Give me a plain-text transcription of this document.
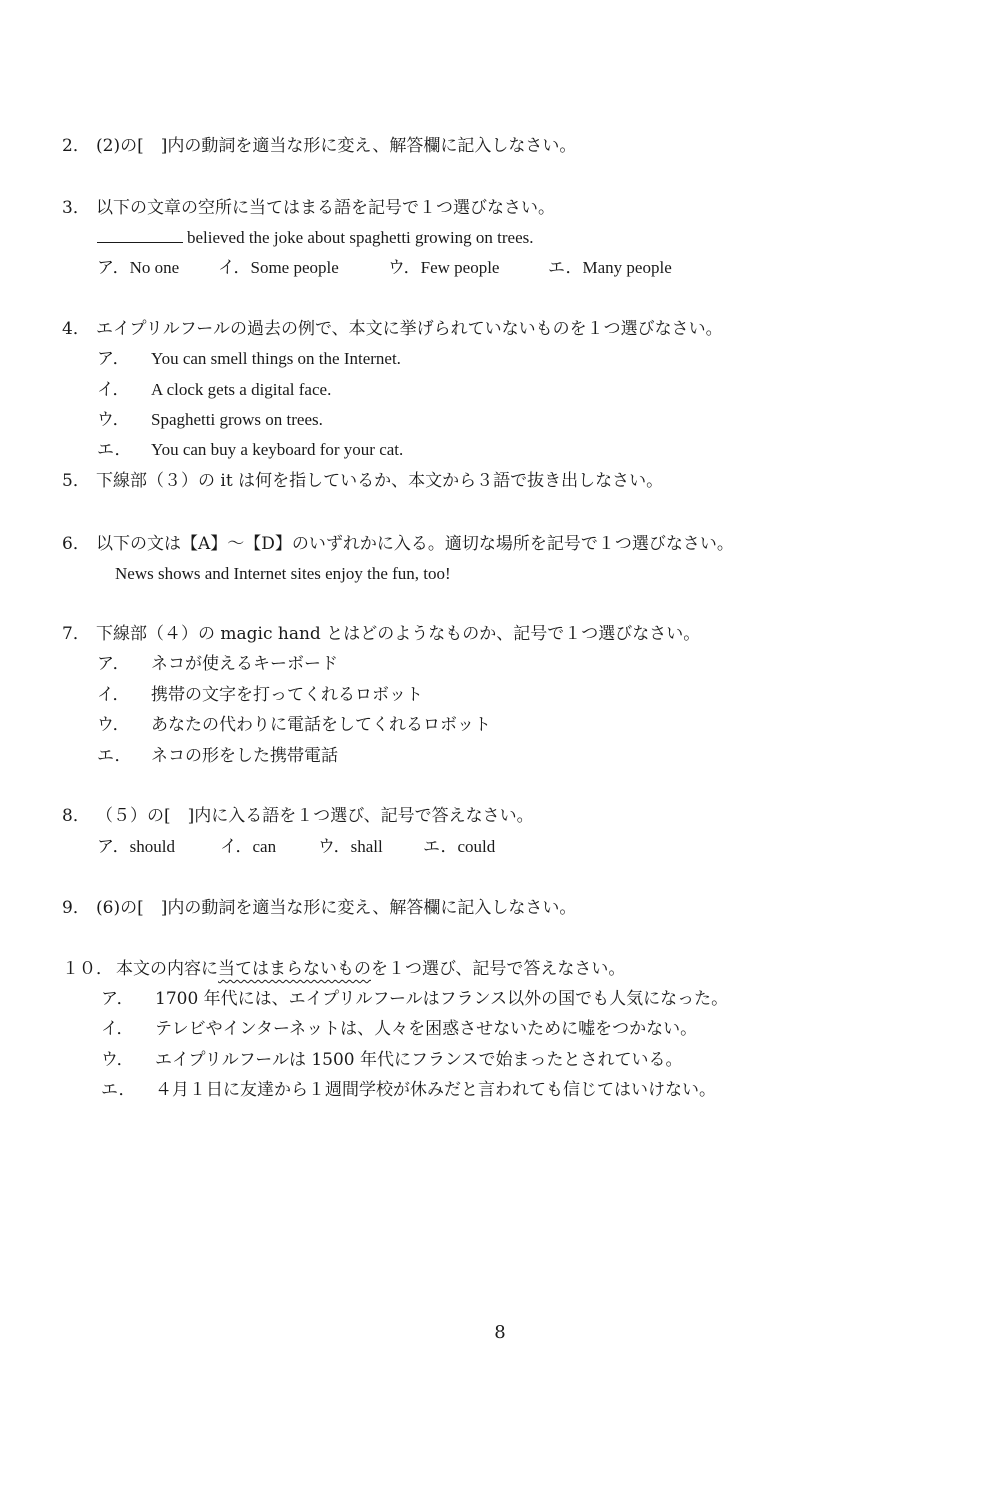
2． (2)の[　]内の動詞を適当な形に変え、解答欄に記入しなさい。
3． 以下の文章の空所に当てはまる語を記号で１つ選びなさい。
believed the joke about spaghetti growing on trees.
ア．No one イ．Some people	ウ．Few people	エ．Many people
4． エイプリルフールの過去の例で、本文に挙げられていないものを１つ選びなさい。
ア． You can smell things on the Internet.
イ． A clock gets a digital face.
ウ． Spaghetti grows on trees.
エ． You can buy a keyboard for your cat.
5． 下線部（３）の it は何を指しているか、本文から３語で抜き出しなさい。
6． 以下の文は【A】～【D】のいずれかに入る。適切な場所を記号で１つ選びなさい。
News shows and Internet sites enjoy the fun, too!
7． 下線部（４）の magic hand とはどのようなものか、記号で１つ選びなさい。
ア． ネコが使えるキーボード
イ． 携帯の文字を打ってくれるロボット
ウ． あなたの代わりに電話をしてくれるロボット
エ． ネコの形をした携帯電話
8． （５）の[　]内に入る語を１つ選び、記号で答えなさい。
ア．should	イ．can ウ．shall エ．could
9． (6)の[　]内の動詞を適当な形に変え、解答欄に記入しなさい。
１０． 本文の内容に当てはまらないものを１つ選び、記号で答えなさい。
ア． 1700 年代には、エイプリルフールはフランス以外の国でも人気になった。
イ． テレビやインターネットは、人々を困惑させないために嘘をつかない。
ウ． エイプリルフールは 1500 年代にフランスで始まったとされている。
エ． ４月１日に友達から１週間学校が休みだと言われても信じてはいけない。
8
